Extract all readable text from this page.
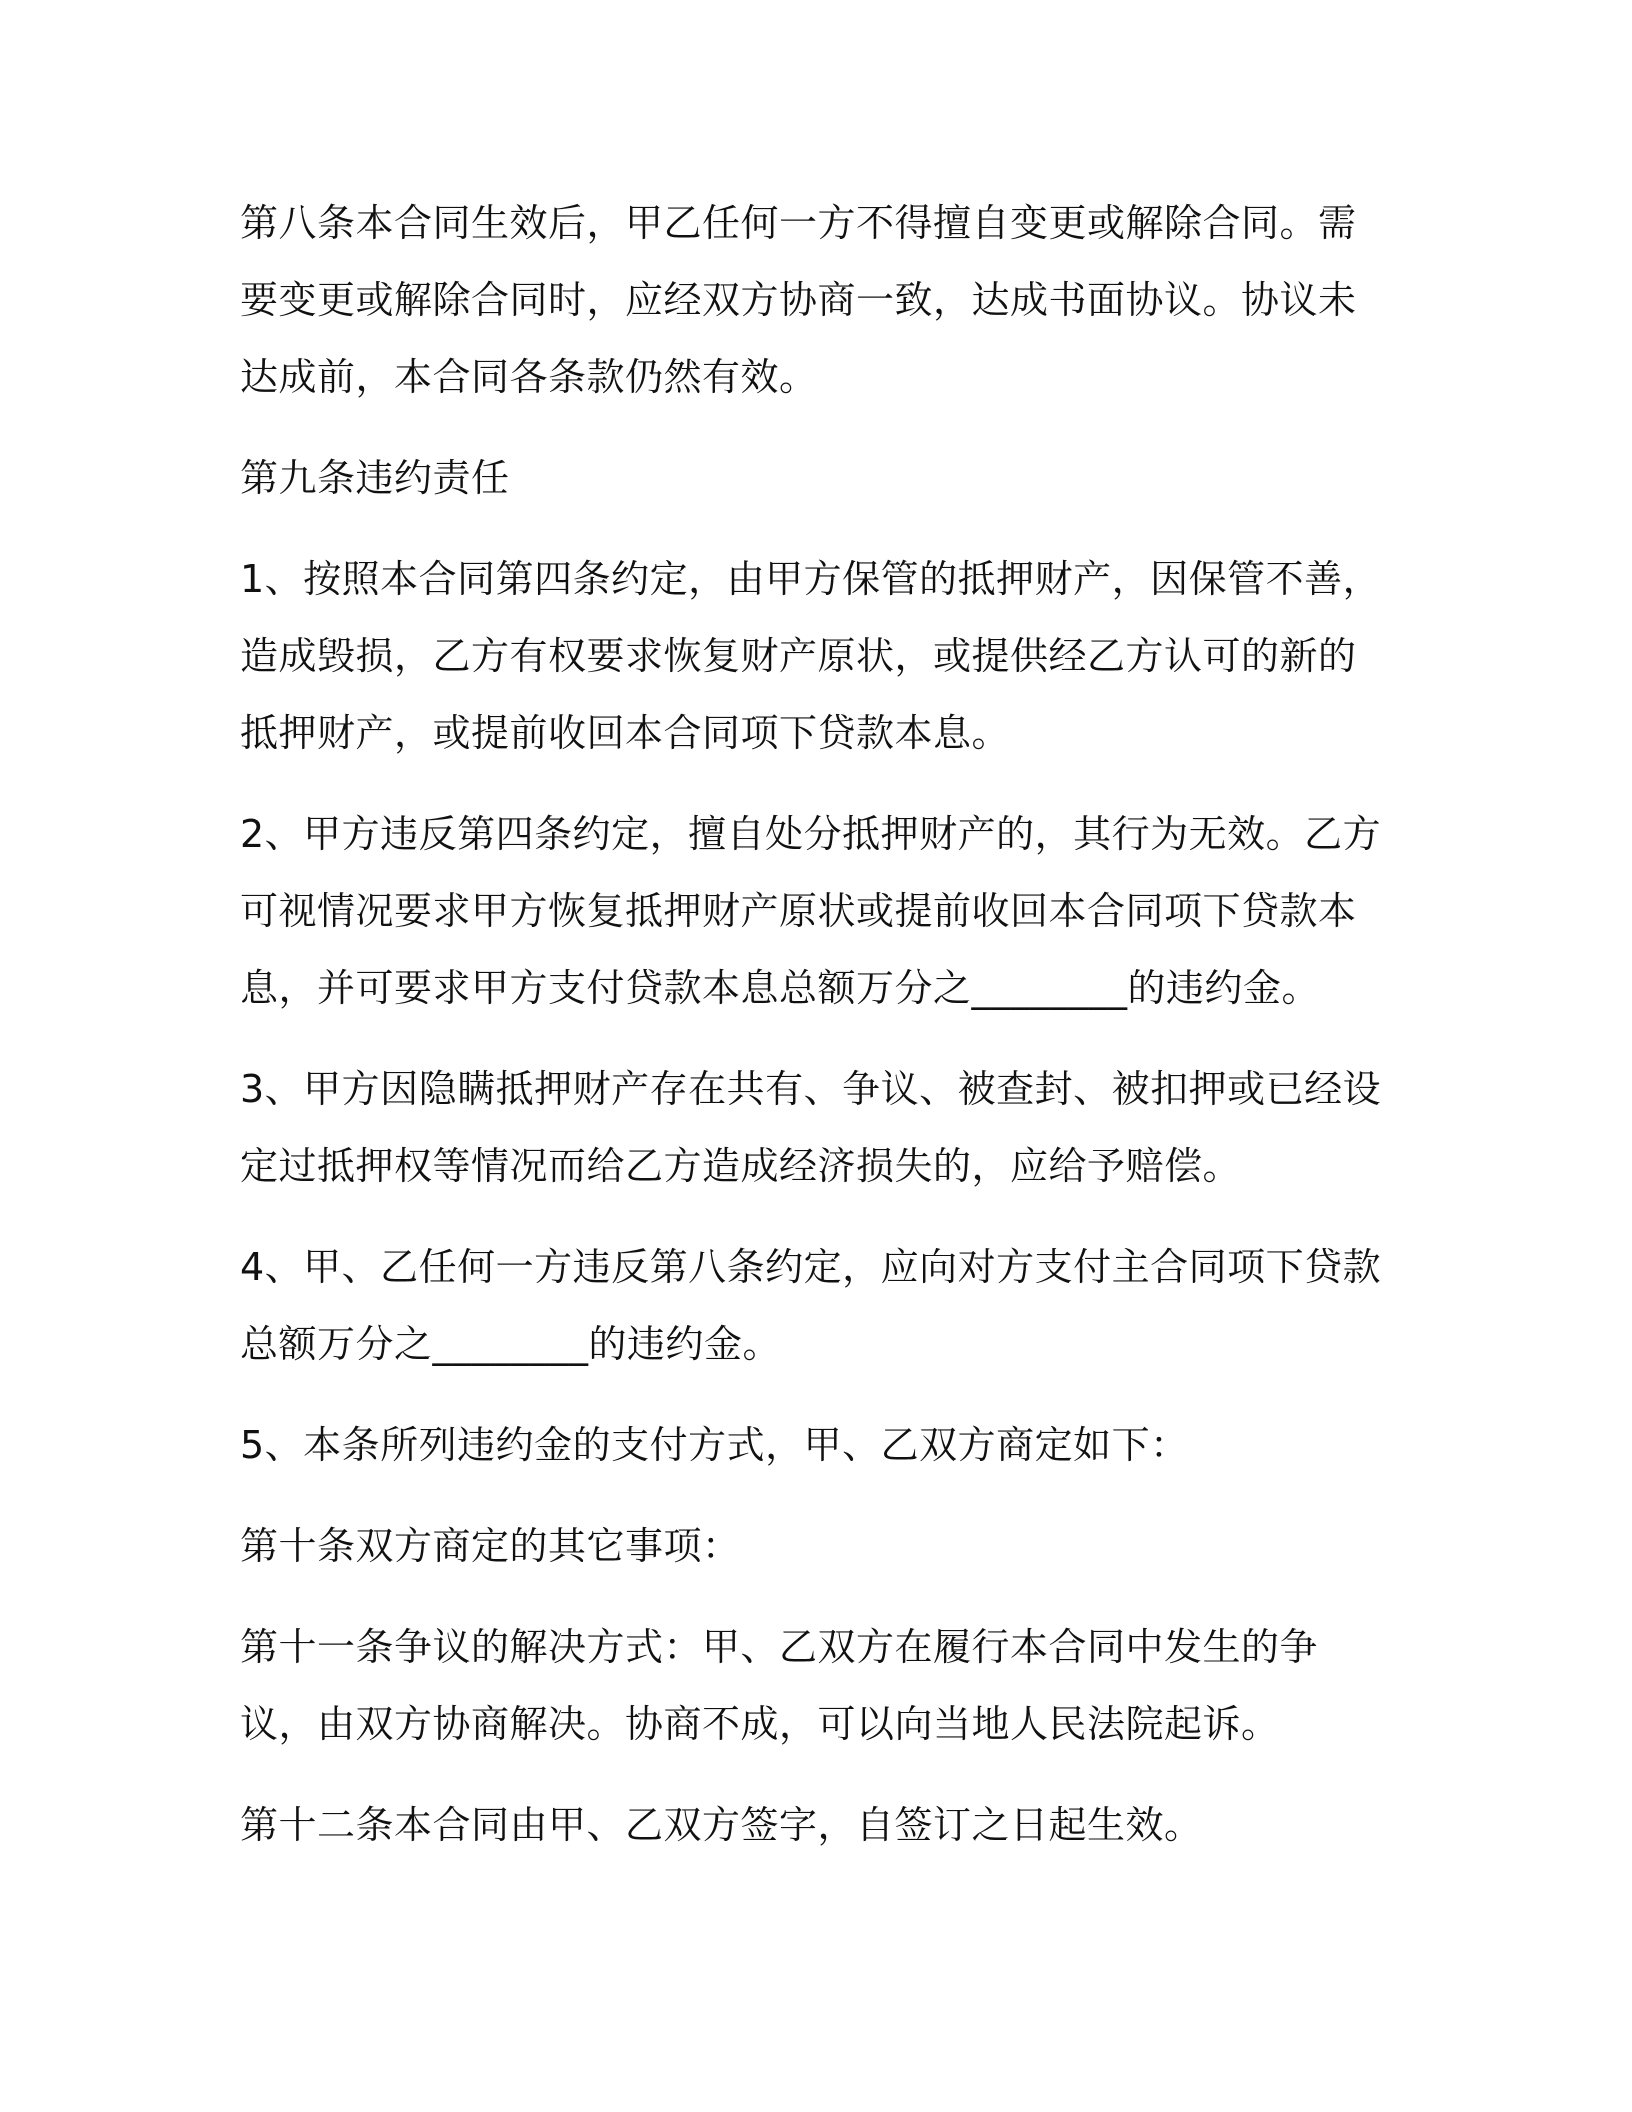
第八条本合同生效后，甲乙任何一方不得擅自变更或解除合同。需要变更或解除合同时，应经双方协商一致，达成书面协议。协议未达成前，本合同各条款仍然有效。

第九条违约责任

1、按照本合同第四条约定，由甲方保管的抵押财产，因保管不善，造成毁损，乙方有权要求恢复财产原状，或提供经乙方认可的新的抵押财产，或提前收回本合同项下贷款本息。

2、甲方违反第四条约定，擅自处分抵押财产的，其行为无效。乙方可视情况要求甲方恢复抵押财产原状或提前收回本合同项下贷款本息，并可要求甲方支付贷款本息总额万分之________的违约金。

3、甲方因隐瞒抵押财产存在共有、争议、被查封、被扣押或已经设定过抵押权等情况而给乙方造成经济损失的，应给予赔偿。

4、甲、乙任何一方违反第八条约定，应向对方支付主合同项下贷款总额万分之________的违约金。

5、本条所列违约金的支付方式，甲、乙双方商定如下：

第十条双方商定的其它事项：

第十一条争议的解决方式：甲、乙双方在履行本合同中发生的争议，由双方协商解决。协商不成，可以向当地人民法院起诉。

第十二条本合同由甲、乙双方签字，自签订之日起生效。
